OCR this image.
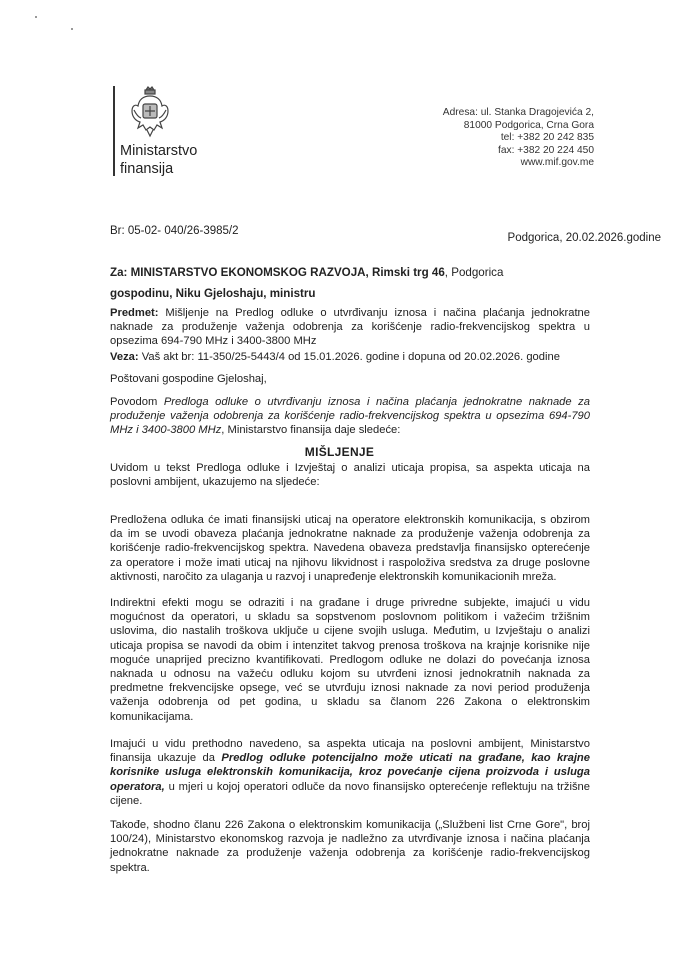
Ministarstvo
finansija
Adresa: ul. Stanka Dragojevića 2,
81000 Podgorica, Crna Gora
tel: +382 20 242 835
fax: +382 20 224 450
www.mif.gov.me
Br: 05-02- 040/26-3985/2
Podgorica, 20.02.2026.godine
Za: MINISTARSTVO EKONOMSKOG RAZVOJA, Rimski trg 46, Podgorica
gospodinu, Niku Gjeloshaju, ministru
Predmet: Mišljenje na Predlog odluke o utvrđivanju iznosa i načina plaćanja jednokratne naknade za produženje važenja odobrenja za korišćenje radio-frekvencijskog spektra u opsezima 694-790 MHz i 3400-3800 MHz
Veza: Vaš akt br: 11-350/25-5443/4 od 15.01.2026. godine i dopuna od 20.02.2026. godine
Poštovani gospodine Gjeloshaj,
Povodom Predloga odluke o utvrđivanju iznosa i načina plaćanja jednokratne naknade za produženje važenja odobrenja za korišćenje radio-frekvencijskog spektra u opsezima 694-790 MHz i 3400-3800 MHz, Ministarstvo finansija daje sledeće:
MIŠLJENJE
Uvidom u tekst Predloga odluke i Izvještaj o analizi uticaja propisa, sa aspekta uticaja na poslovni ambijent, ukazujemo na sljedeće:
Predložena odluka će imati finansijski uticaj na operatore elektronskih komunikacija, s obzirom da im se uvodi obaveza plaćanja jednokratne naknade za produženje važenja odobrenja za korišćenje radio-frekvencijskog spektra. Navedena obaveza predstavlja finansijsko opterećenje za operatore i može imati uticaj na njihovu likvidnost i raspoloživa sredstva za druge poslovne aktivnosti, naročito za ulaganja u razvoj i unapređenje elektronskih komunikacionih mreža.
Indirektni efekti mogu se odraziti i na građane i druge privredne subjekte, imajući u vidu mogućnost da operatori, u skladu sa sopstvenom poslovnom politikom i važećim tržišnim uslovima, dio nastalih troškova uključe u cijene svojih usluga. Međutim, u Izvještaju o analizi uticaja propisa se navodi da obim i intenzitet takvog prenosa troškova na krajnje korisnike nije moguće unaprijed precizno kvantifikovati. Predlogom odluke ne dolazi do povećanja iznosa naknada u odnosu na važeću odluku kojom su utvrđeni iznosi jednokratnih naknada za predmetne frekvencijske opsege, već se utvrđuju iznosi naknade za novi period produženja važenja odobrenja od pet godina, u skladu sa članom 226 Zakona o elektronskim komunikacijama.
Imajući u vidu prethodno navedeno, sa aspekta uticaja na poslovni ambijent, Ministarstvo finansija ukazuje da Predlog odluke potencijalno može uticati na građane, kao krajne korisnike usluga elektronskih komunikacija, kroz povećanje cijena proizvoda i usluga operatora, u mjeri u kojoj operatori odluče da novo finansijsko opterećenje reflektuju na tržišne cijene.
Takođe, shodno članu 226 Zakona o elektronskim komunikacija („Službeni list Crne Gore", broj 100/24), Ministarstvo ekonomskog razvoja je nadležno za utvrđivanje iznosa i načina plaćanja jednokratne naknade za produženje važenja odobrenja za korišćenje radio-frekvencijskog spektra.
